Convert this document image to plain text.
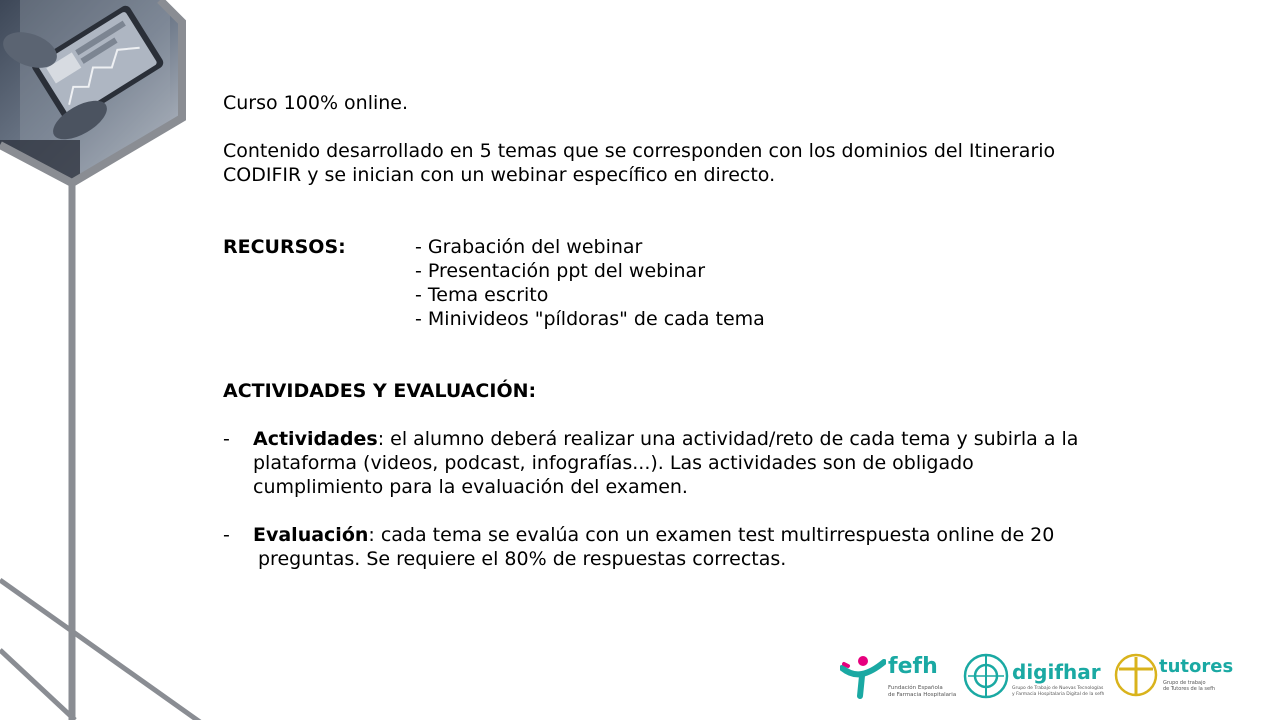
Curso 100% online.

Contenido desarrollado en 5 temas que se corresponden con los dominios del Itinerario

CODIFIR y se inician con un webinar específico en directo.

RECURSOS:	- Grabación del webinar

- Presentación ppt del webinar

- Tema escrito

- Minivideos "píldoras" de cada tema

ACTIVIDADES Y EVALUACIÓN:

- Actividades: el alumno deberá realizar una actividad/reto de cada tema y subirla a la

plataforma (videos, podcast, infografías...). Las actividades son de obligado

cumplimiento para la evaluación del examen.

- Evaluación: cada tema se evalúa con un examen test multirrespuesta online de 20

preguntas. Se requiere el 80% de respuestas correctas.

fefh
Fundación Española
de Farmacia Hospitalaria
digifhar
Grupo de Trabajo de Nuevas Tecnologías
y Farmacia Hospitalaria Digital de la sefh
tutores
Grupo de trabajo
de Tutores de la sefh
